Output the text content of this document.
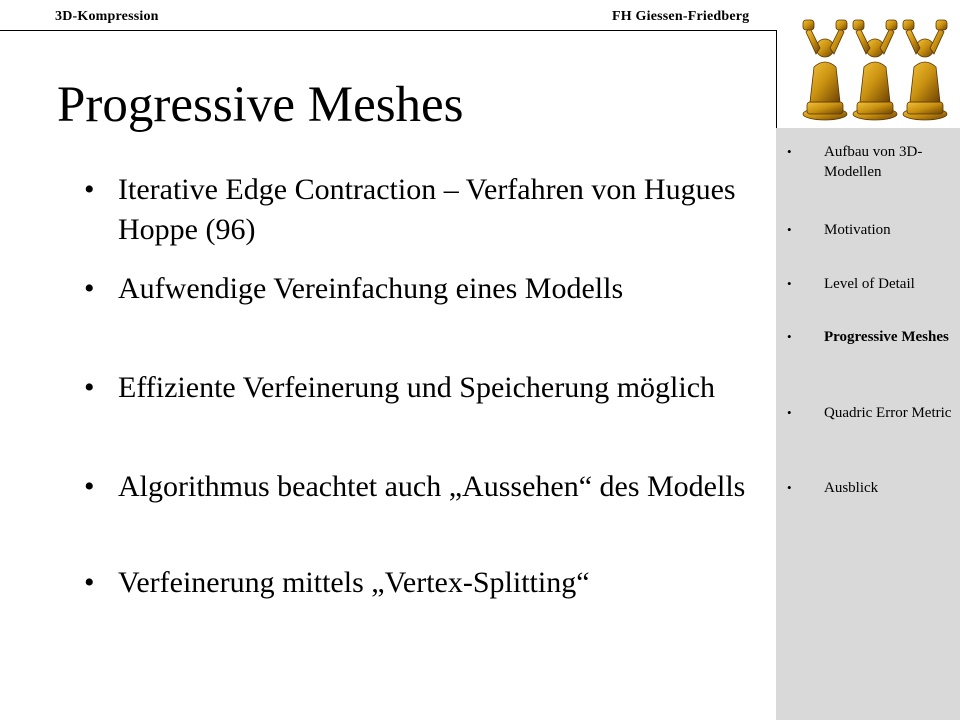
3D-Kompression	FH Giessen-Friedberg
• Aufbau von 3D-Modellen
• Motivation
• Level of Detail
• Progressive Meshes
• Quadric Error Metric
• Ausblick
Progressive Meshes
• Iterative Edge Contraction – Verfahren von Hugues Hoppe (96)
• Aufwendige Vereinfachung eines Modells
• Effiziente Verfeinerung und Speicherung möglich
• Algorithmus beachtet auch „Aussehen“ des Modells
• Verfeinerung mittels „Vertex-Splitting“
